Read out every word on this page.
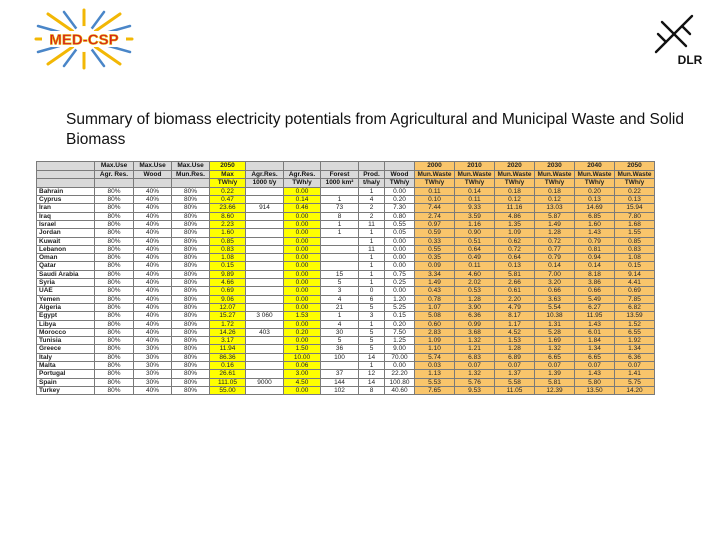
MED-CSP
DLR
Summary of biomass electricity potentials from Agricultural and Municipal Waste and Solid Biomass
	Max.Use	Max.Use	Max.Use	2050						2000	2010	2020	2030	2040	2050
	Agr. Res.	Wood	Mun.Res.	Max	Agr.Res.	Agr.Res.	Forest	Prod.	Wood	Mun.Waste	Mun.Waste	Mun.Waste	Mun.Waste	Mun.Waste	Mun.Waste
				TWh/y	1000 t/y	TWh/y	1000 km²	t/ha/y	TWh/y	TWh/y	TWh/y	TWh/y	TWh/y	TWh/y	TWh/y
Bahrain	80%	40%	80%	0.22		0.00		1	0.00	0.11	0.14	0.18	0.18	0.20	0.22
Cyprus	80%	40%	80%	0.47		0.14	1	4	0.20	0.10	0.11	0.12	0.12	0.13	0.13
Iran	80%	40%	80%	23.66	914	0.46	73	2	7.30	7.44	9.33	11.16	13.03	14.69	15.94
Iraq	80%	40%	80%	8.60		0.00	8	2	0.80	2.74	3.59	4.86	5.87	6.85	7.80
Israel	80%	40%	80%	2.23		0.00	1	11	0.55	0.97	1.16	1.35	1.49	1.60	1.68
Jordan	80%	40%	80%	1.60		0.00	1	1	0.05	0.59	0.90	1.09	1.28	1.43	1.55
Kuwait	80%	40%	80%	0.85		0.00		1	0.00	0.33	0.51	0.62	0.72	0.79	0.85
Lebanon	80%	40%	80%	0.83		0.00		11	0.00	0.55	0.64	0.72	0.77	0.81	0.83
Oman	80%	40%	80%	1.08		0.00		1	0.00	0.35	0.49	0.64	0.79	0.94	1.08
Qatar	80%	40%	80%	0.15		0.00		1	0.00	0.09	0.11	0.13	0.14	0.14	0.15
Saudi Arabia	80%	40%	80%	9.89		0.00	15	1	0.75	3.34	4.60	5.81	7.00	8.18	9.14
Syria	80%	40%	80%	4.66		0.00	5	1	0.25	1.49	2.02	2.66	3.20	3.86	4.41
UAE	80%	40%	80%	0.69		0.00	3	0	0.00	0.43	0.53	0.61	0.66	0.66	0.69
Yemen	80%	40%	80%	9.06		0.00	4	6	1.20	0.78	1.28	2.20	3.63	5.49	7.85
Algeria	80%	40%	80%	12.07		0.00	21	5	5.25	1.07	3.90	4.79	5.54	6.27	6.82
Egypt	80%	40%	80%	15.27	3 060	1.53	1	3	0.15	5.08	6.36	8.17	10.38	11.95	13.59
Libya	80%	40%	80%	1.72		0.00	4	1	0.20	0.60	0.99	1.17	1.31	1.43	1.52
Morocco	80%	40%	80%	14.26	403	0.20	30	5	7.50	2.83	3.68	4.52	5.28	6.01	6.55
Tunisia	80%	40%	80%	3.17		0.00	5	5	1.25	1.09	1.32	1.53	1.69	1.84	1.92
Greece	80%	30%	80%	11.94		1.50	36	5	9.00	1.10	1.21	1.28	1.32	1.34	1.34
Italy	80%	30%	80%	86.36		10.00	100	14	70.00	5.74	6.83	6.89	6.65	6.65	6.36
Malta	80%	30%	80%	0.16		0.06		1	0.00	0.03	0.07	0.07	0.07	0.07	0.07
Portugal	80%	30%	80%	26.61		3.00	37	12	22.20	1.13	1.32	1.37	1.39	1.43	1.41
Spain	80%	30%	80%	111.05	9000	4.50	144	14	100.80	5.53	5.76	5.58	5.81	5.80	5.75
Turkey	80%	40%	80%	55.00		0.00	102	8	40.60	7.65	9.53	11.05	12.39	13.50	14.20
